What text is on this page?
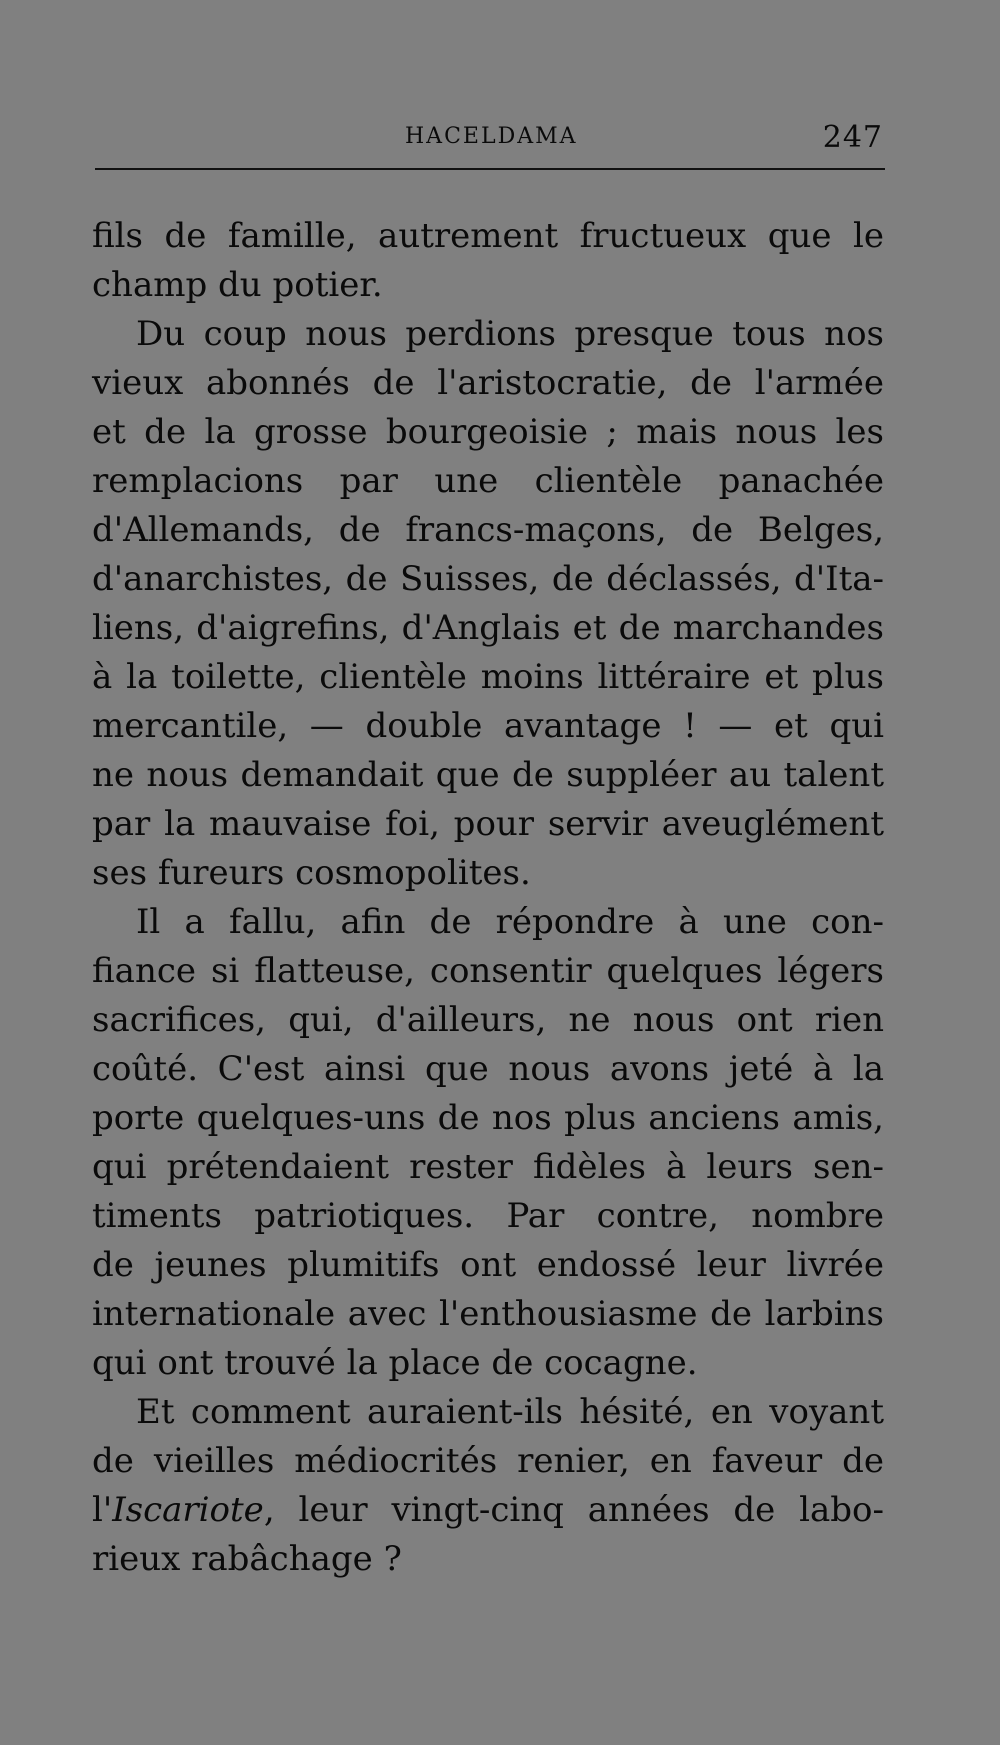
HACELDAMA	247
fils de famille, autrement fructueux que le
champ du potier.
Du coup nous perdions presque tous nos
vieux abonnés de l'aristocratie, de l'armée
et de la grosse bourgeoisie ; mais nous les
remplacions par une clientèle panachée
d'Allemands, de francs-maçons, de Belges,
d'anarchistes, de Suisses, de déclassés, d'Ita-
liens, d'aigrefins, d'Anglais et de marchandes
à la toilette, clientèle moins littéraire et plus
mercantile, — double avantage ! — et qui
ne nous demandait que de suppléer au talent
par la mauvaise foi, pour servir aveuglément
ses fureurs cosmopolites.
Il a fallu, afin de répondre à une con-
fiance si flatteuse, consentir quelques légers
sacrifices, qui, d'ailleurs, ne nous ont rien
coûté. C'est ainsi que nous avons jeté à la
porte quelques-uns de nos plus anciens amis,
qui prétendaient rester fidèles à leurs sen-
timents patriotiques. Par contre, nombre
de jeunes plumitifs ont endossé leur livrée
internationale avec l'enthousiasme de larbins
qui ont trouvé la place de cocagne.
Et comment auraient-ils hésité, en voyant
de vieilles médiocrités renier, en faveur de
l'Iscariote, leur vingt-cinq années de labo-
rieux rabâchage ?
